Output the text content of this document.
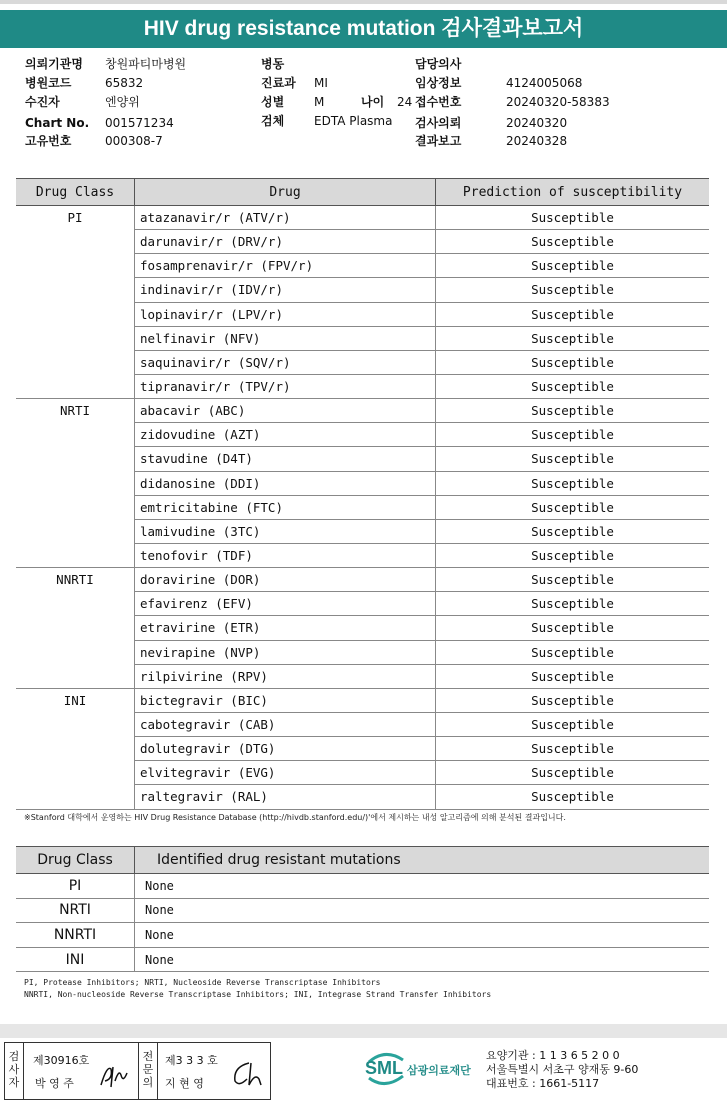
HIV drug resistance mutation 검사결과보고서
의뢰기관명 창원파티마병원
병원코드	65832
수진자	엔양위
Chart No. 001571234
고유번호	000308-7
병동
진료과 MI
성별 M
검체 EDTA Plasma
나이 24
담당의사
임상정보	4124005068
접수번호	20240320-58383
검사의뢰	20240320
결과보고	20240328
Drug Class	Drug	Prediction of susceptibility
PI	atazanavir/r (ATV/r)	Susceptible
	darunavir/r (DRV/r)	Susceptible
	fosamprenavir/r (FPV/r)	Susceptible
	indinavir/r (IDV/r)	Susceptible
	lopinavir/r (LPV/r)	Susceptible
	nelfinavir (NFV)	Susceptible
	saquinavir/r (SQV/r)	Susceptible
	tipranavir/r (TPV/r)	Susceptible
NRTI	abacavir (ABC)	Susceptible
	zidovudine (AZT)	Susceptible
	stavudine (D4T)	Susceptible
	didanosine (DDI)	Susceptible
	emtricitabine (FTC)	Susceptible
	lamivudine (3TC)	Susceptible
	tenofovir (TDF)	Susceptible
NNRTI	doravirine (DOR)	Susceptible
	efavirenz (EFV)	Susceptible
	etravirine (ETR)	Susceptible
	nevirapine (NVP)	Susceptible
	rilpivirine (RPV)	Susceptible
INI	bictegravir (BIC)	Susceptible
	cabotegravir (CAB)	Susceptible
	dolutegravir (DTG)	Susceptible
	elvitegravir (EVG)	Susceptible
	raltegravir (RAL)	Susceptible
※Stanford 대학에서 운영하는 HIV Drug Resistance Database (http://hivdb.stanford.edu/)'에서 제시하는 내성 알고리즘에 의해 분석된 결과입니다.
Drug Class	Identified drug resistant mutations
PI	None
NRTI	None
NNRTI	None
INI	None
PI, Protease Inhibitors; NRTI, Nucleoside Reverse Transcriptase Inhibitors
NNRTI, Non-nucleoside Reverse Transcriptase Inhibitors; INI, Integrase Strand Transfer Inhibitors
검
사
자
제30916호
박 영 주
전
문
의
제3 3 3 호
지 현 영
SML 삼광의료재단
요양기관 : 1 1 3 6 5 2 0 0
서울특별시 서초구 양재동 9-60
대표번호 : 1661-5117
